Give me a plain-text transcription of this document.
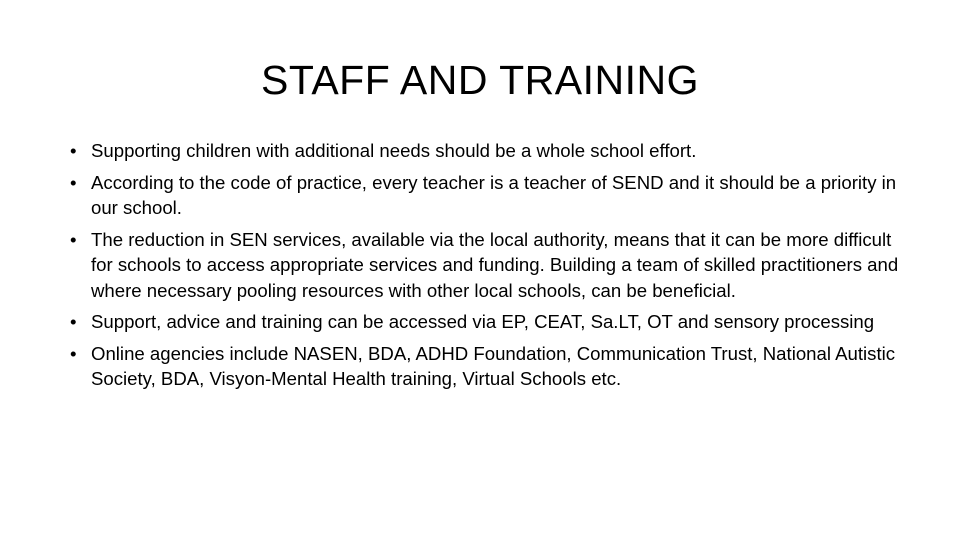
STAFF AND TRAINING
• Supporting children with additional needs should be a whole school effort.
• According to the code of practice, every teacher is a teacher of SEND and it should be a priority in our school.
• The reduction in SEN services, available via the local authority, means that it can be more difficult for schools to access appropriate services and funding. Building a team of skilled practitioners and where necessary pooling resources with other local schools, can be beneficial.
• Support, advice and training can be accessed via EP, CEAT, Sa.LT, OT and sensory processing
• Online agencies include NASEN, BDA, ADHD Foundation, Communication Trust, National Autistic Society, BDA, Visyon-Mental Health training, Virtual Schools etc.
